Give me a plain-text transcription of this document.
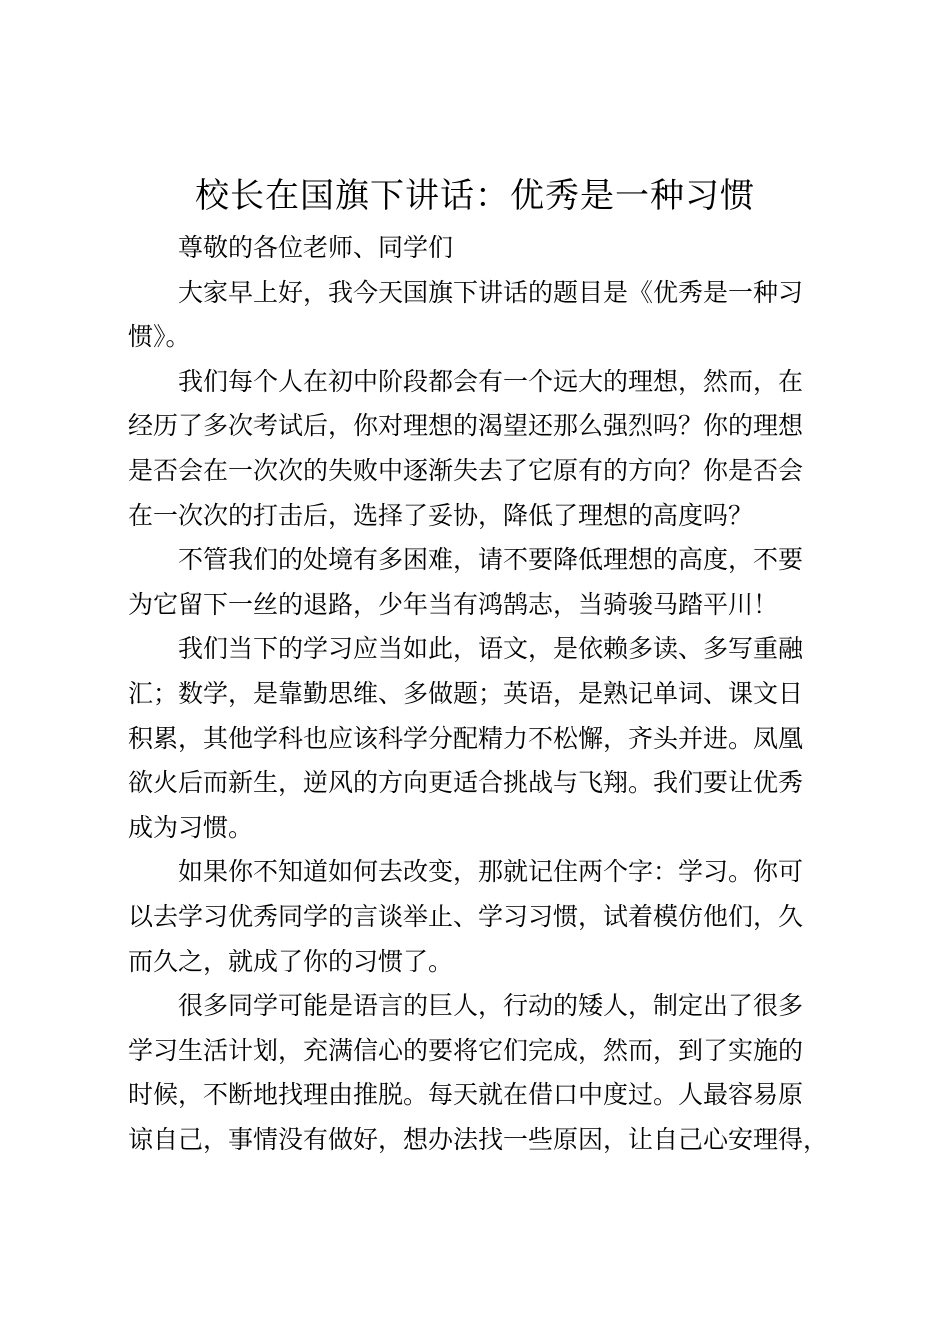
校长在国旗下讲话：优秀是一种习惯

尊敬的各位老师、同学们

大家早上好，我今天国旗下讲话的题目是《优秀是一种习
惯》。

我们每个人在初中阶段都会有一个远大的理想，然而，在
经历了多次考试后，你对理想的渴望还那么强烈吗？你的理想
是否会在一次次的失败中逐渐失去了它原有的方向？你是否会
在一次次的打击后，选择了妥协，降低了理想的高度吗？

不管我们的处境有多困难，请不要降低理想的高度，不要
为它留下一丝的退路，少年当有鸿鹄志，当骑骏马踏平川！

我们当下的学习应当如此，语文，是依赖多读、多写重融
汇；数学，是靠勤思维、多做题；英语，是熟记单词、课文日
积累，其他学科也应该科学分配精力不松懈，齐头并进。凤凰
欲火后而新生，逆风的方向更适合挑战与飞翔。我们要让优秀
成为习惯。

如果你不知道如何去改变，那就记住两个字：学习。你可
以去学习优秀同学的言谈举止、学习习惯，试着模仿他们，久
而久之，就成了你的习惯了。

很多同学可能是语言的巨人，行动的矮人，制定出了很多
学习生活计划，充满信心的要将它们完成，然而，到了实施的
时候，不断地找理由推脱。每天就在借口中度过。人最容易原
谅自己，事情没有做好，想办法找一些原因，让自己心安理得，
